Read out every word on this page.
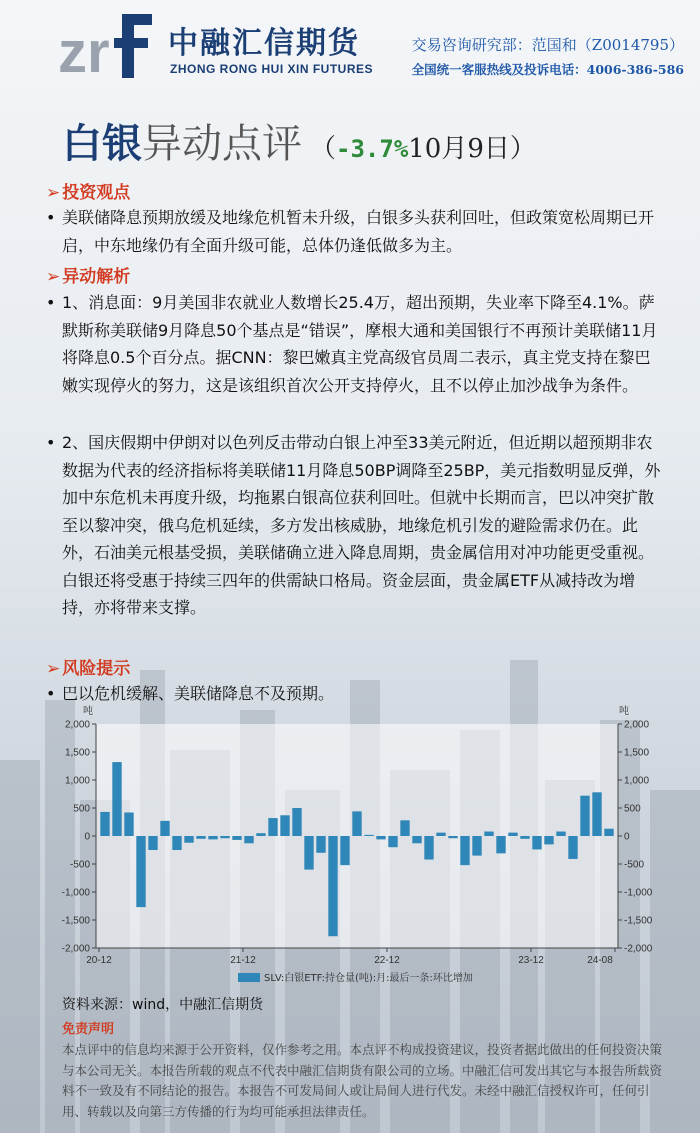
zr 中融汇信期货
ZHONG RONG HUI XIN FUTURES
交易咨询研究部：范国和（Z0014795）
全国统一客服热线及投诉电话：4006-386-586
白银 异动点评 （ -3.7% 10月9日）
➢ 投资观点
• 美联储降息预期放缓及地缘危机暂未升级，白银多头获利回吐，但政策宽松周期已开启，中东地缘仍有全面升级可能，总体仍逢低做多为主。
➢ 异动解析
• 1、消息面：9月美国非农就业人数增长25.4万，超出预期，失业率下降至4.1%。萨默斯称美联储9月降息50个基点是“错误”，摩根大通和美国银行不再预计美联储11月将降息0.5个百分点。据CNN：黎巴嫩真主党高级官员周二表示，真主党支持在黎巴嫩实现停火的努力，这是该组织首次公开支持停火，且不以停止加沙战争为条件。
• 2、国庆假期中伊朗对以色列反击带动白银上冲至33美元附近，但近期以超预期非农数据为代表的经济指标将美联储11月降息50BP调降至25BP，美元指数明显反弹，外加中东危机未再度升级，均拖累白银高位获利回吐。但就中长期而言，巴以冲突扩散至以黎冲突，俄乌危机延续，多方发出核威胁，地缘危机引发的避险需求仍在。此外，石油美元根基受损，美联储确立进入降息周期，贵金属信用对冲功能更受重视。白银还将受惠于持续三四年的供需缺口格局。资金层面，贵金属ETF从减持改为增持，亦将带来支撑。
➢ 风险提示
• 巴以危机缓解、美联储降息不及预期。
吨	吨
2,000	2,000
1,500	1,500
1,000	1,000
500	500
0	0
-500	-500
-1,000	-1,000
-1,500	-1,500
-2,000	-2,000
20-12	21-12	22-12	23-12	24-08
SLV:白银ETF:持仓量(吨):月:最后一条:环比增加
资料来源：wind，中融汇信期货
免责声明
本点评中的信息均来源于公开资料，仅作参考之用。本点评不构成投资建议，投资者据此做出的任何投资决策与本公司无关。本报告所载的观点不代表中融汇信期货有限公司的立场。中融汇信可发出其它与本报告所载资料不一致及有不同结论的报告。本报告不可发局间人或让局间人进行代发。未经中融汇信授权许可，任何引用、转载以及向第三方传播的行为均可能承担法律责任。
